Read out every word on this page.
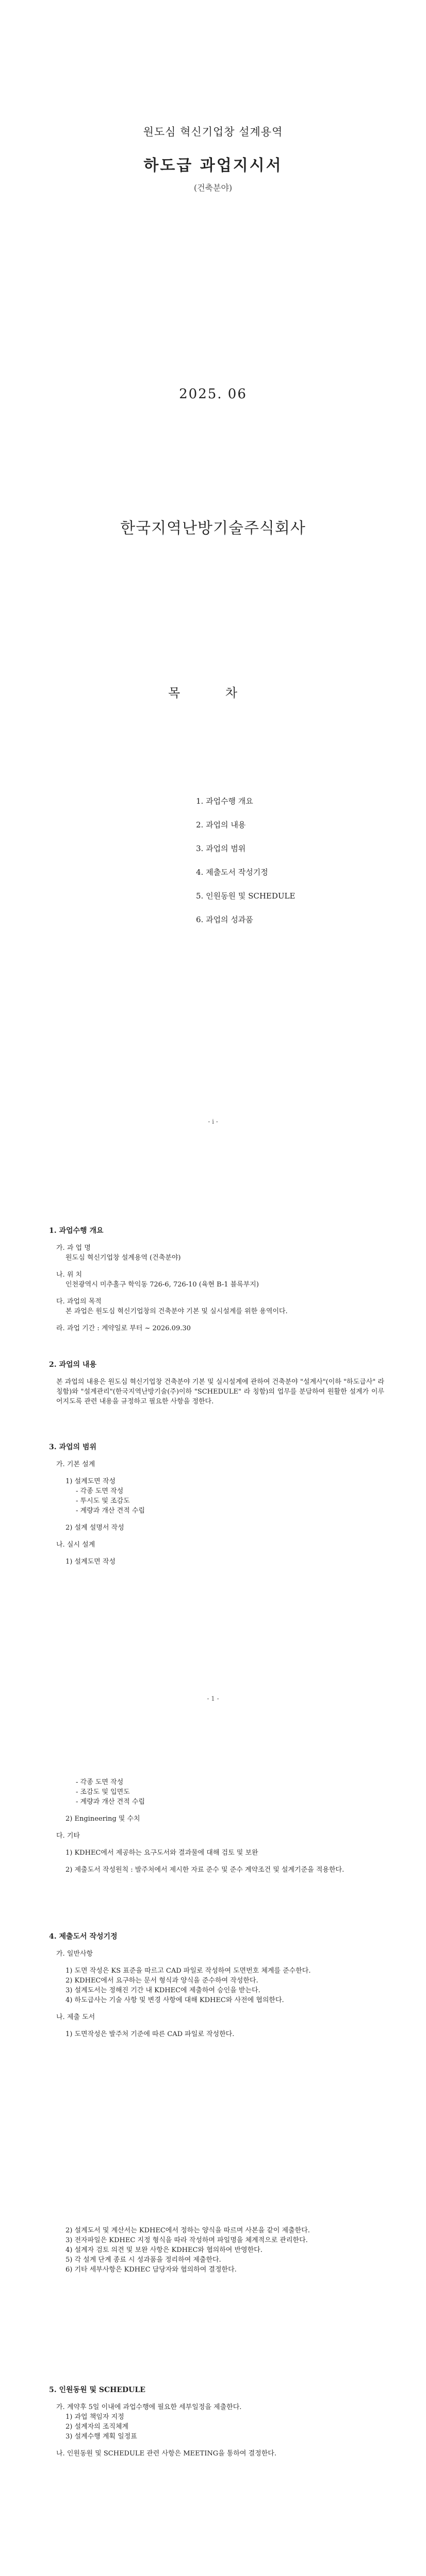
원도심 혁신기업창 설계용역
하도급 과업지시서
(건축분야)
2025. 06
한국지역난방기술주식회사
목 차
1. 과업수행 개요
2. 과업의 내용
3. 과업의 범위
4. 제출도서 작성기정
5. 인원동원 및 SCHEDULE
6. 과업의 성과품
- i -
1. 과업수행 개요
가. 과 업 명
원도심 혁신기업창 설계용역 (건축분야)
나. 위 치
인천광역시 미추홀구 학익동 726-6, 726-10 (육현 B-1 블록부지)
다. 과업의 목적
본 과업은 원도심 혁신기업창의 건축분야 기본 및 실시설계를 위한 용역이다.
라. 과업 기간 : 계약일로 부터 ~ 2026.09.30
2. 과업의 내용
본 과업의 내용은 원도심 혁신기업창 건축분야 기본 및 실시설계에 관하여 건축분야 "설계사"(이하 "하도급사" 라 칭함)와 "설계관리"(한국지역난방기술(주)이하 "SCHEDULE" 라 칭함)의 업무를 분담하여 원활한 설계가 이루어지도록 관련 내용을 규정하고 필요한 사항을 정한다.
3. 과업의 범위
가. 기본 설계
1) 설계도면 작성
- 각종 도면 작성
- 투시도 및 조감도
- 계량과 개산 견적 수립
2) 설계 설명서 작성
나. 실시 설계
1) 설계도면 작성
- 1 -
- 각종 도면 작성
- 조감도 및 입면도
- 계량과 개산 견적 수립
2) Engineering 및 수치
다. 기타
1) KDHEC에서 제공하는 요구도서와 결과물에 대해 검토 및 보완
2) 제출도서 작성원칙 : 발주처에서 제시한 자료 준수 및 준수 계약조건 및 설계기준을 적용한다.
4. 제출도서 작성기정
가. 일반사항
1) 도면 작성은 KS 표준을 따르고 CAD 파일로 작성하여 도면번호 체계를 준수한다.
2) KDHEC에서 요구하는 문서 형식과 양식을 준수하여 작성한다.
3) 설계도서는 정해진 기간 내 KDHEC에 제출하여 승인을 받는다.
4) 하도급사는 기술 사항 및 변경 사항에 대해 KDHEC와 사전에 협의한다.
나. 제출 도서
1) 도면작성은 발주처 기준에 따른 CAD 파일로 작성한다.
2) 설계도서 및 계산서는 KDHEC에서 정하는 양식을 따르며 사본을 같이 제출한다.
3) 전자파일은 KDHEC 지정 형식을 따라 작성하며 파일명을 체계적으로 관리한다.
4) 설계자 검토 의견 및 보완 사항은 KDHEC와 협의하여 반영한다.
5) 각 설계 단계 종료 시 성과품을 정리하여 제출한다.
6) 기타 세부사항은 KDHEC 담당자와 협의하여 결정한다.
5. 인원동원 및 SCHEDULE
가. 계약후 5일 이내에 과업수행에 필요한 세부일정을 제출한다.
1) 과업 책임자 지정
2) 설계자의 조직체계
3) 설계수행 계획 일정표
나. 인원동원 및 SCHEDULE 관련 사항은 MEETING을 통하여 결정한다.
